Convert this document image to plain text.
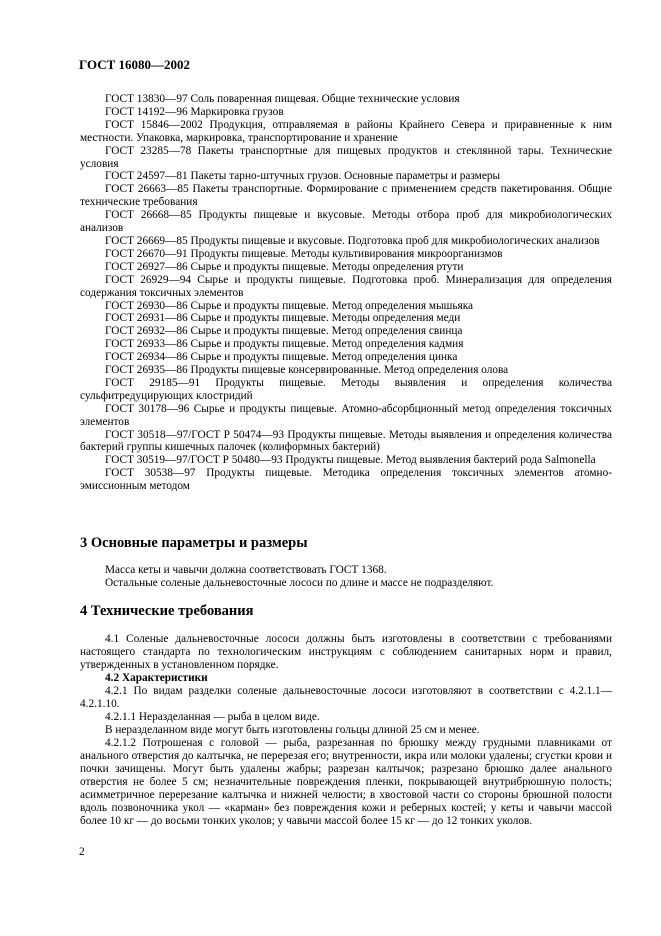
ГОСТ 16080—2002
ГОСТ 13830—97 Соль поваренная пищевая. Общие технические условия
ГОСТ 14192—96 Маркировка грузов
ГОСТ 15846—2002 Продукция, отправляемая в районы Крайнего Севера и приравненные к ним местности. Упаковка, маркировка, транспортирование и хранение
ГОСТ 23285—78 Пакеты транспортные для пищевых продуктов и стеклянной тары. Технические условия
ГОСТ 24597—81 Пакеты тарно-штучных грузов. Основные параметры и размеры
ГОСТ 26663—85 Пакеты транспортные. Формирование с применением средств пакетирования. Общие технические требования
ГОСТ 26668—85 Продукты пищевые и вкусовые. Методы отбора проб для микробиологических анализов
ГОСТ 26669—85 Продукты пищевые и вкусовые. Подготовка проб для микробиологических анализов
ГОСТ 26670—91 Продукты пищевые. Методы культивирования микроорганизмов
ГОСТ 26927—86 Сырье и продукты пищевые. Методы определения ртути
ГОСТ 26929—94 Сырье и продукты пищевые. Подготовка проб. Минерализация для определения содержания токсичных элементов
ГОСТ 26930—86 Сырье и продукты пищевые. Метод определения мышьяка
ГОСТ 26931—86 Сырье и продукты пищевые. Методы определения меди
ГОСТ 26932—86 Сырье и продукты пищевые. Метод определения свинца
ГОСТ 26933—86 Сырье и продукты пищевые. Метод определения кадмия
ГОСТ 26934—86 Сырье и продукты пищевые. Метод определения цинка
ГОСТ 26935—86 Продукты пищевые консервированные. Метод определения олова
ГОСТ 29185—91 Продукты пищевые. Методы выявления и определения количества сульфитредуцирующих клостридий
ГОСТ 30178—96 Сырье и продукты пищевые. Атомно-абсорбционный метод определения токсичных элементов
ГОСТ 30518—97/ГОСТ Р 50474—93 Продукты пищевые. Методы выявления и определения количества бактерий группы кишечных палочек (колиформных бактерий)
ГОСТ 30519—97/ГОСТ Р 50480—93 Продукты пищевые. Метод выявления бактерий рода Salmonella
ГОСТ 30538—97 Продукты пищевые. Методика определения токсичных элементов атомно-эмиссионным методом
3 Основные параметры и размеры
Масса кеты и чавычи должна соответствовать ГОСТ 1368.
Остальные соленые дальневосточные лососи по длине и массе не подразделяют.
4 Технические требования
4.1 Соленые дальневосточные лососи должны быть изготовлены в соответствии с требованиями настоящего стандарта по технологическим инструкциям с соблюдением санитарных норм и правил, утвержденных в установленном порядке.
4.2 Характеристики
4.2.1 По видам разделки соленые дальневосточные лососи изготовляют в соответствии с 4.2.1.1—4.2.1.10.
4.2.1.1 Неразделанная — рыба в целом виде.
В неразделанном виде могут быть изготовлены гольцы длиной 25 см и менее.
4.2.1.2 Потрошеная с головой — рыба, разрезанная по брюшку между грудными плавниками от анального отверстия до калтычка, не перерезая его; внутренности, икра или молоки удалены; сгустки крови и почки зачищены. Могут быть удалены жабры; разрезан калтычок; разрезано брюшко далее анального отверстия не более 5 см; незначительные повреждения пленки, покрывающей внутрибрюшную полость; асимметричное перерезание калтычка и нижней челюсти; в хвостовой части со стороны брюшной полости вдоль позвоночника укол — «карман» без повреждения кожи и реберных костей; у кеты и чавычи массой более 10 кг — до восьми тонких уколов; у чавычи массой более 15 кг — до 12 тонких уколов.
2
